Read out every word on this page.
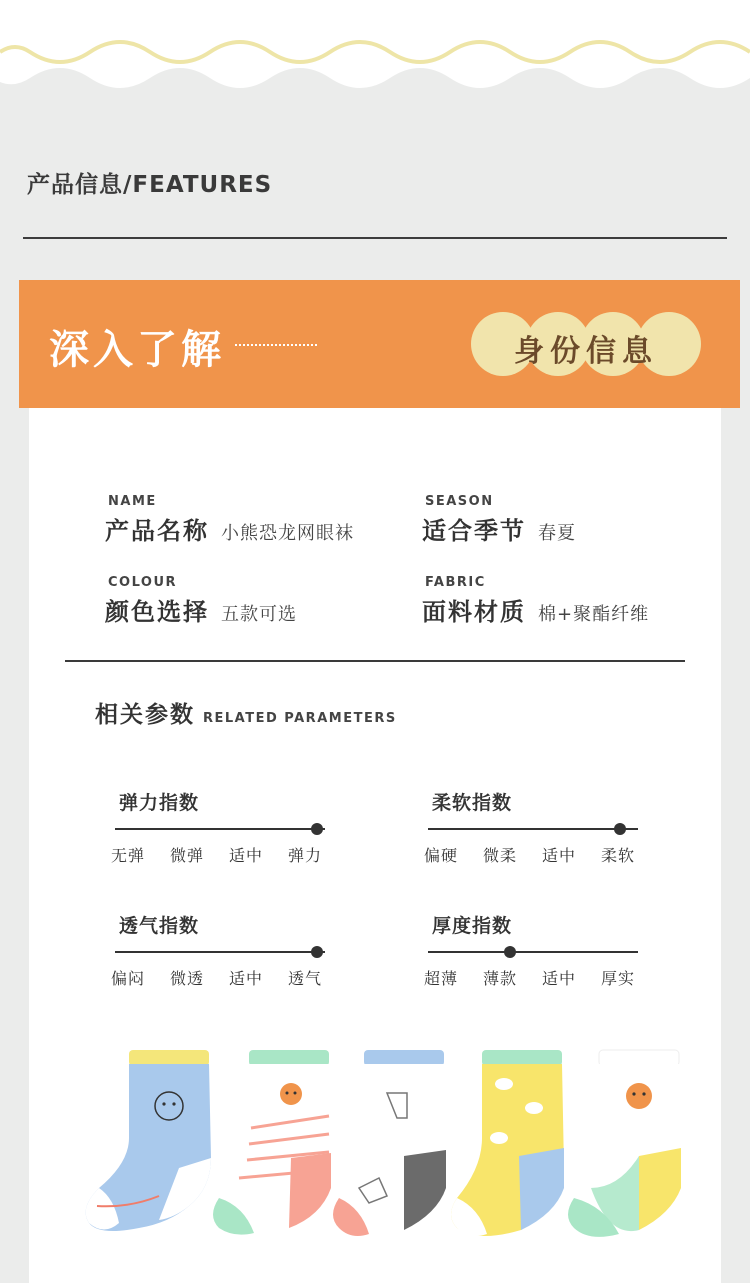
产品信息/FEATURES
深入了解	身份信息
NAME
产品名称 小熊恐龙网眼袜
SEASON
适合季节 春夏
COLOUR
颜色选择 五款可选
FABRIC
面料材质 棉+聚酯纤维
相关参数 RELATED PARAMETERS
弹力指数
无弹 微弹 适中 弹力
柔软指数
偏硬 微柔 适中 柔软
透气指数
偏闷 微透 适中 透气
厚度指数
超薄 薄款 适中 厚实
